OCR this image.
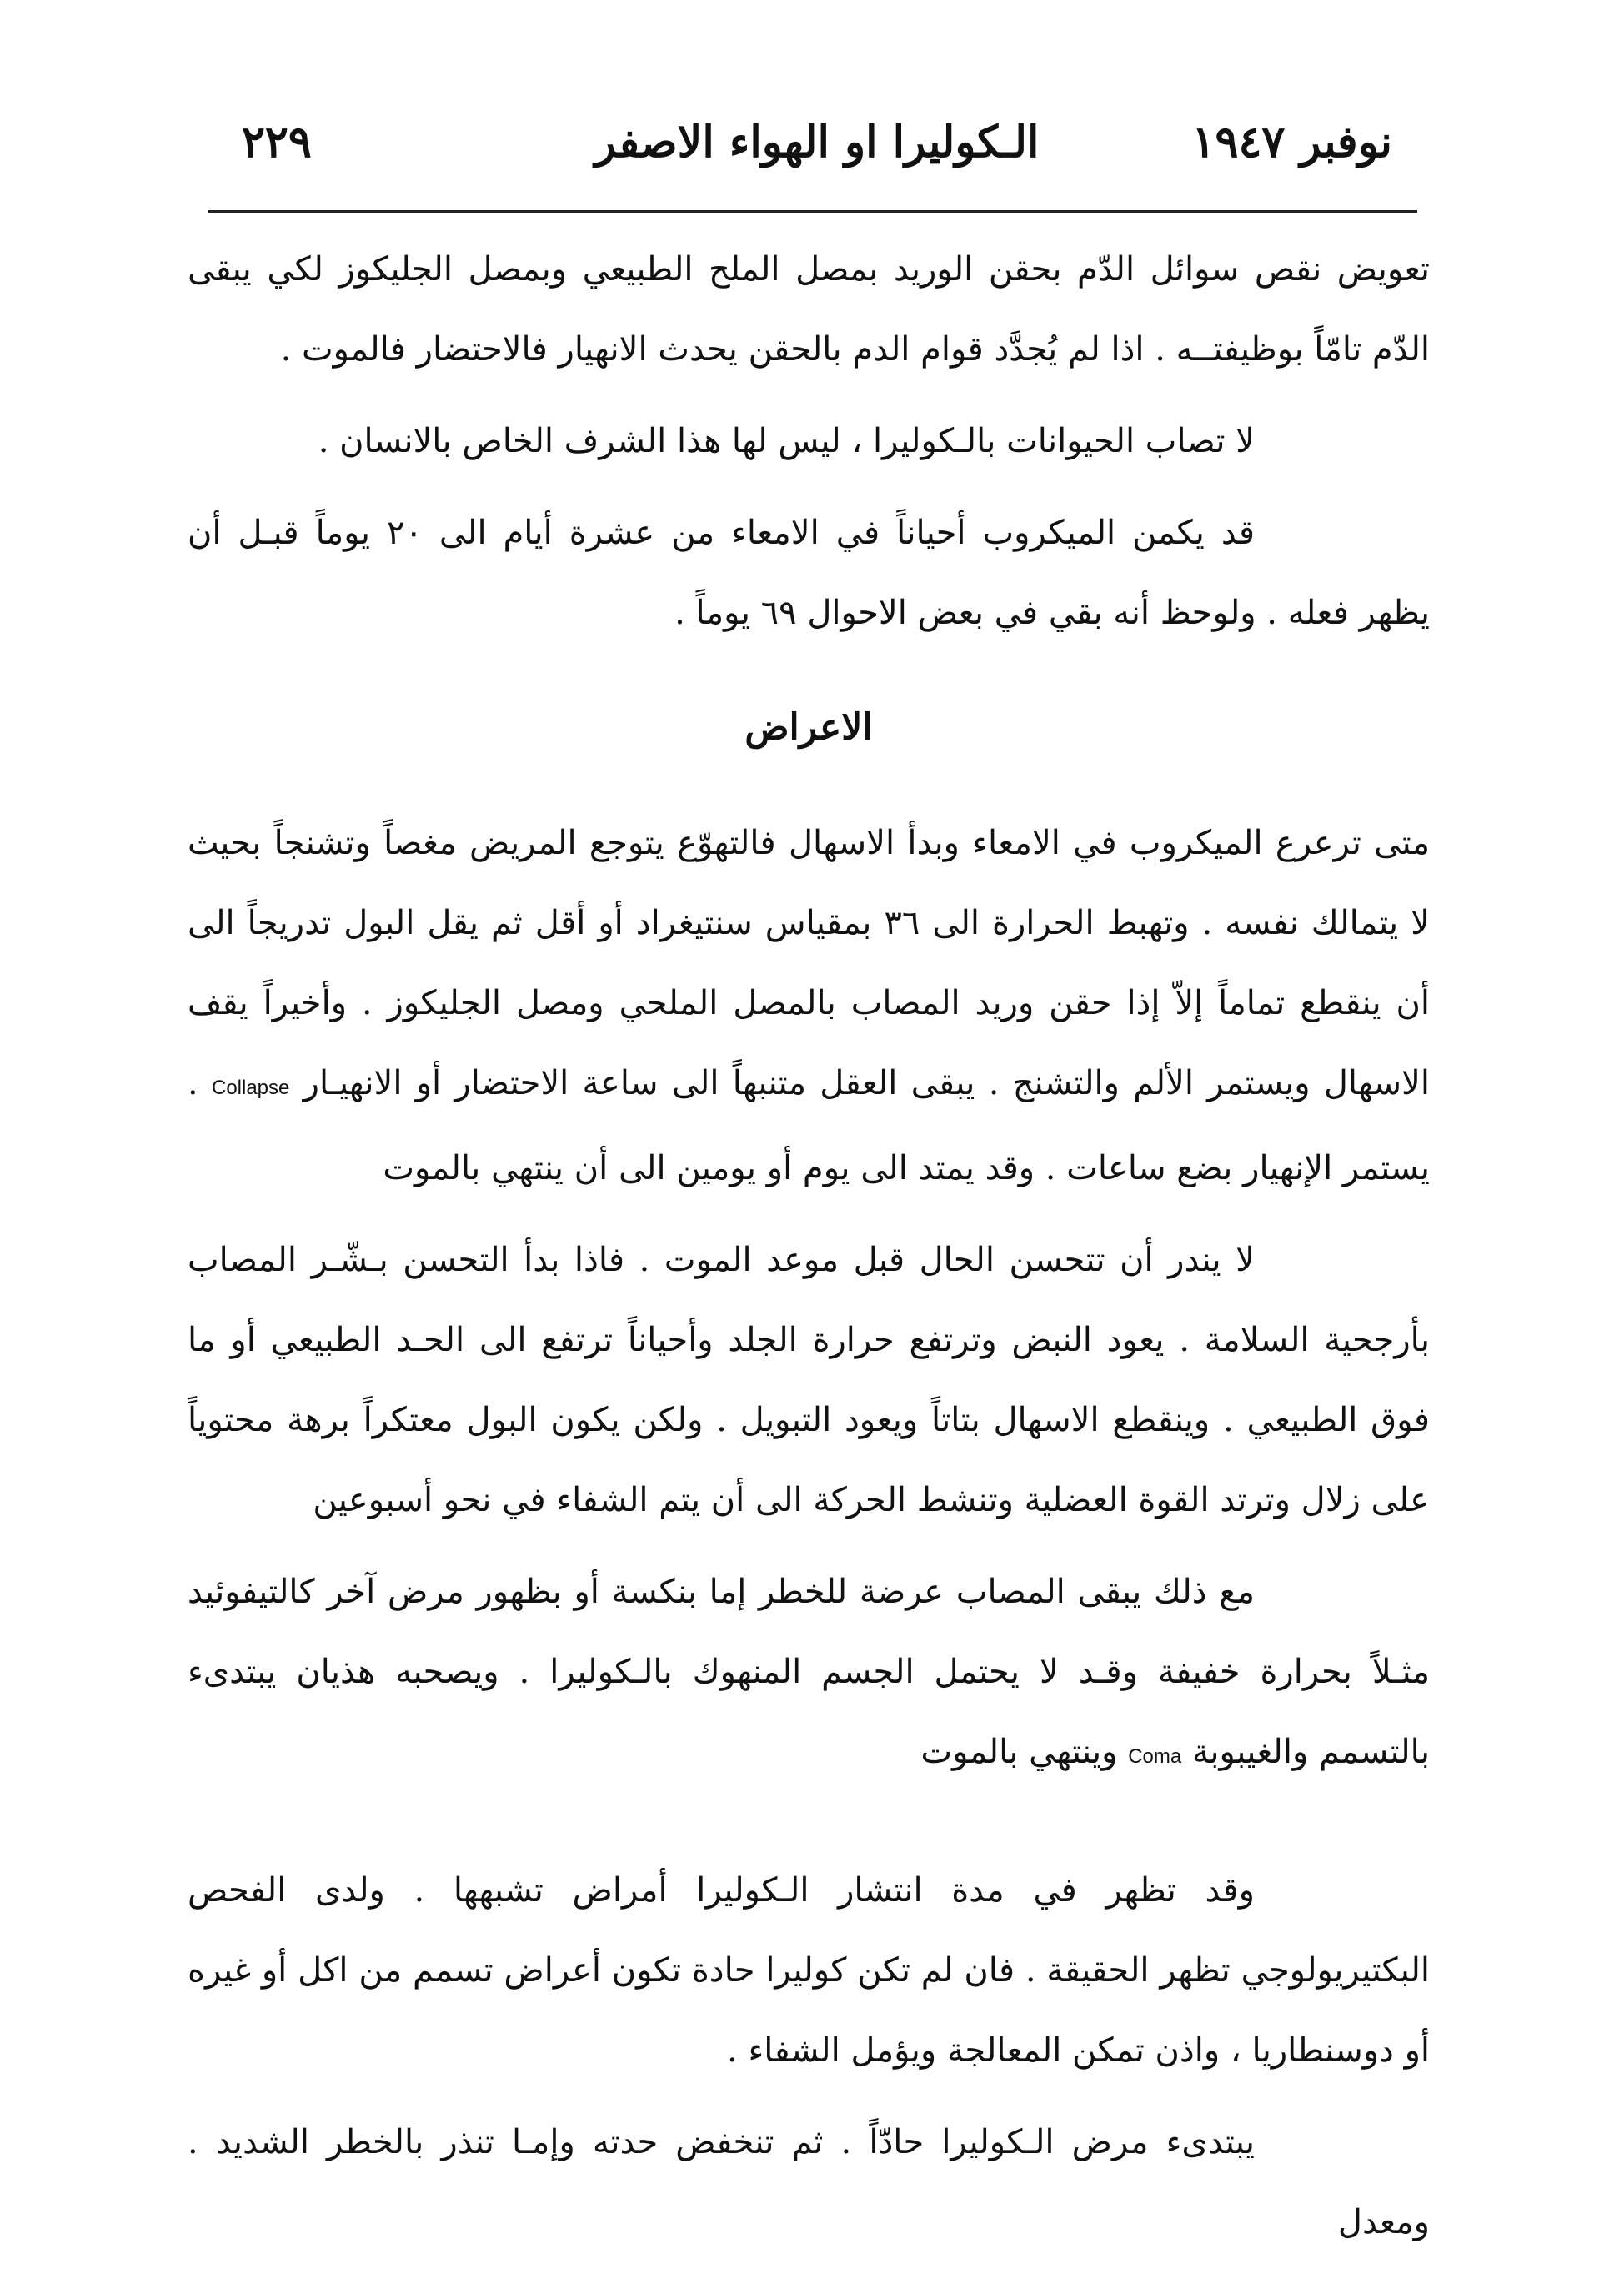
نوفبر ١٩٤٧
الـكوليرا او الهواء الاصفر
٢٢٩

تعويض نقص سوائل الدّم بحقن الوريد بمصل الملح الطبيعي وبمصل الجليكوز لكي يبقى الدّم تامّاً بوظيفتــه . اذا لم يُجدَّد قوام الدم بالحقن يحدث الانهيار فالاحتضار فالموت .

لا تصاب الحيوانات بالـكوليرا ، ليس لها هذا الشرف الخاص بالانسان .

قد يكمن الميكروب أحياناً في الامعاء من عشرة أيام الى ٢٠ يوماً قبـل أن يظهر فعله . ولوحظ أنه بقي في بعض الاحوال ٦٩ يوماً .

الاعراض

متى ترعرع الميكروب في الامعاء وبدأ الاسهال فالتهوّع يتوجع المريض مغصاً وتشنجاً بحيث لا يتمالك نفسه . وتهبط الحرارة الى ٣٦ بمقياس سنتيغراد أو أقل ثم يقل البول تدريجاً الى أن ينقطع تماماً إلاّ إذا حقن وريد المصاب بالمصل الملحي ومصل الجليكوز . وأخيراً يقف الاسهال ويستمر الألم والتشنج . يبقى العقل متنبهاً الى ساعة الاحتضار أو الانهيـار Collapse . يستمر الإنهيار بضع ساعات . وقد يمتد الى يوم أو يومين الى أن ينتهي بالموت

لا يندر أن تتحسن الحال قبل موعد الموت . فاذا بدأ التحسن بـشّـر المصاب بأرجحية السلامة . يعود النبض وترتفع حرارة الجلد وأحياناً ترتفع الى الحـد الطبيعي أو ما فوق الطبيعي . وينقطع الاسهال بتاتاً ويعود التبويل . ولكن يكون البول معتكراً برهة محتوياً على زلال وترتد القوة العضلية وتنشط الحركة الى أن يتم الشفاء في نحو أسبوعين

مع ذلك يبقى المصاب عرضة للخطر إما بنكسة أو بظهور مرض آخر كالتيفوئيد مثـلاً بحرارة خفيفة وقـد لا يحتمل الجسم المنهوك بالـكوليرا . ويصحبه هذيان يبتدىء بالتسمم والغيبوبة Coma وينتهي بالموت

وقد تظهر في مدة انتشار الـكوليرا أمراض تشبهها . ولدى الفحص البكتيريولوجي تظهر الحقيقة . فان لم تكن كوليرا حادة تكون أعراض تسمم من اكل أو غيره أو دوسنطاريا ، واذن تمكن المعالجة ويؤمل الشفاء .

يبتدىء مرض الـكوليرا حادّاً . ثم تنخفض حدته وإمـا تنذر بالخطر الشديد . ومعدل
